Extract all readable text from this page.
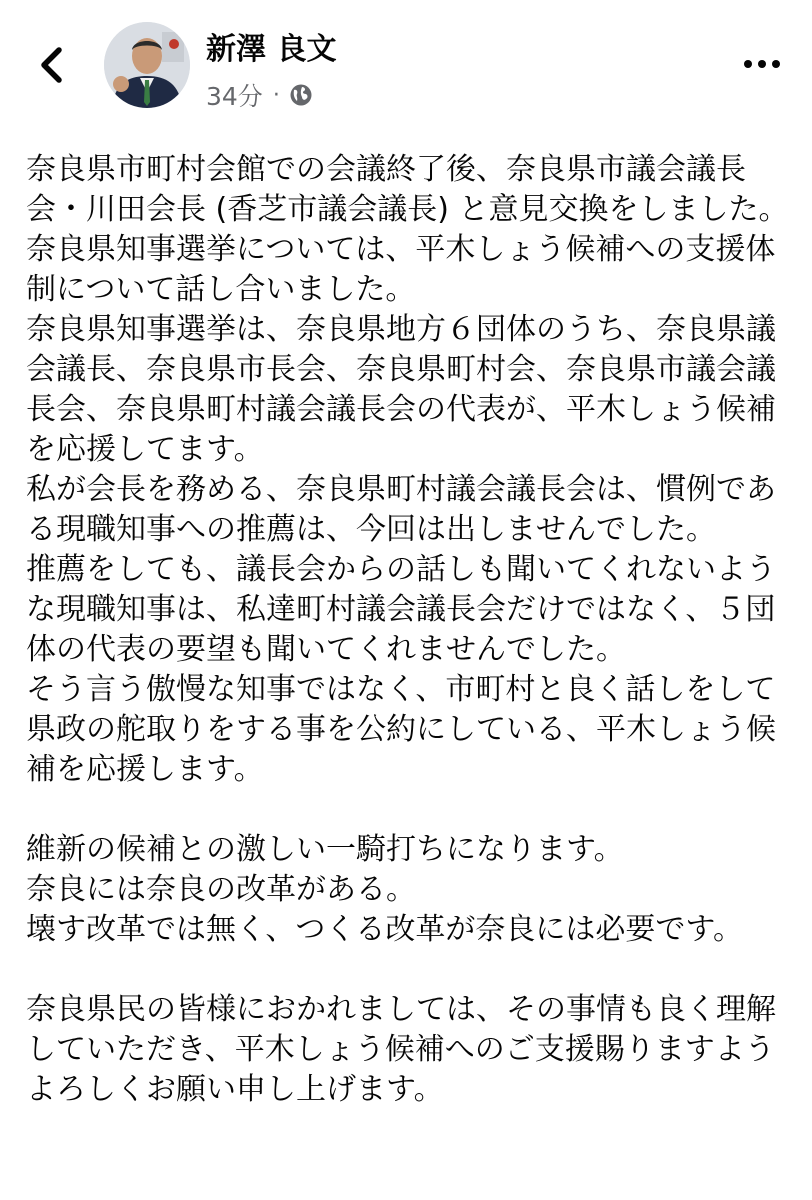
新澤 良文
34分 ·

奈良県市町村会館での会議終了後、奈良県市議会議長

会・川田会長 (香芝市議会議長) と意見交換をしました。

奈良県知事選挙については、平木しょう候補への支援体

制について話し合いました。

奈良県知事選挙は、奈良県地方６団体のうち、奈良県議

会議長、奈良県市長会、奈良県町村会、奈良県市議会議

長会、奈良県町村議会議長会の代表が、平木しょう候補

を応援してます。

私が会長を務める、奈良県町村議会議長会は、慣例であ

る現職知事への推薦は、今回は出しませんでした。

推薦をしても、議長会からの話しも聞いてくれないよう

な現職知事は、私達町村議会議長会だけではなく、５団

体の代表の要望も聞いてくれませんでした。

そう言う傲慢な知事ではなく、市町村と良く話しをして

県政の舵取りをする事を公約にしている、平木しょう候

補を応援します。

維新の候補との激しい一騎打ちになります。

奈良には奈良の改革がある。

壊す改革では無く、つくる改革が奈良には必要です。

奈良県民の皆様におかれましては、その事情も良く理解

していただき、平木しょう候補へのご支援賜りますよう

よろしくお願い申し上げます。
